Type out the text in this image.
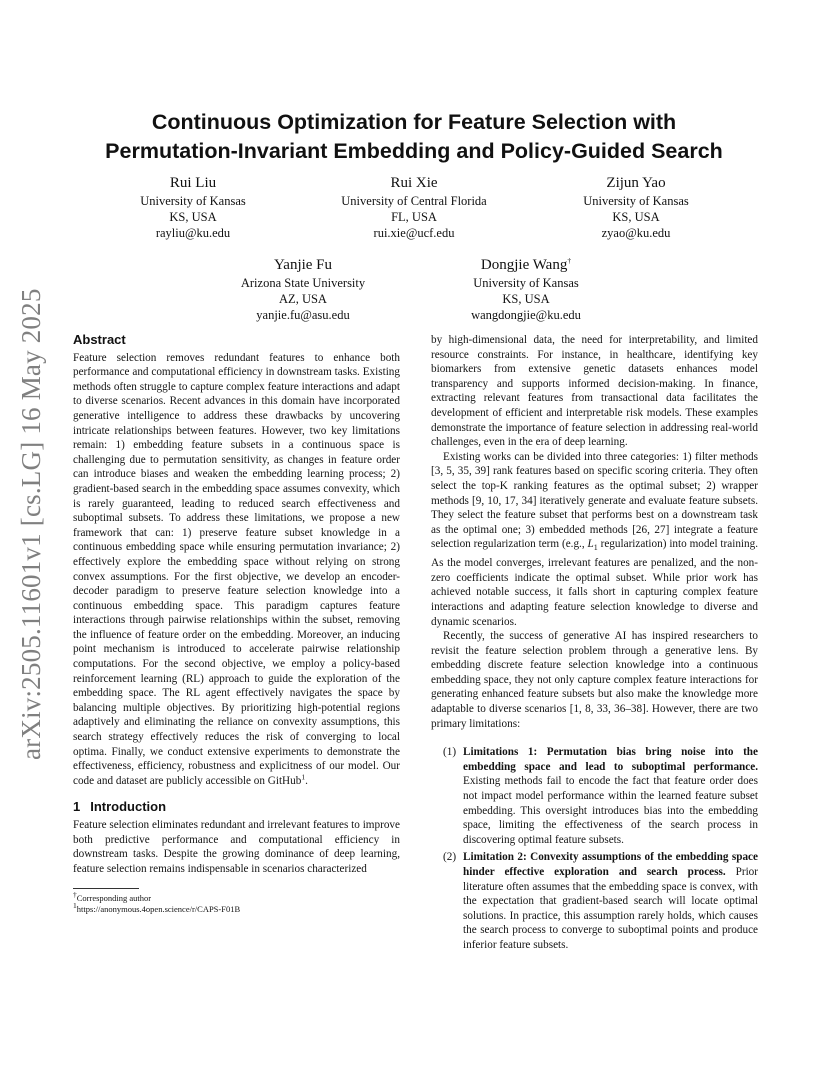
arXiv:2505.11601v1 [cs.LG] 16 May 2025
Continuous Optimization for Feature Selection with
Permutation-Invariant Embedding and Policy-Guided Search
Rui Liu
University of Kansas
KS, USA
rayliu@ku.edu
Rui Xie
University of Central Florida
FL, USA
rui.xie@ucf.edu
Zijun Yao
University of Kansas
KS, USA
zyao@ku.edu
Yanjie Fu
Arizona State University
AZ, USA
yanjie.fu@asu.edu
Dongjie Wang†
University of Kansas
KS, USA
wangdongjie@ku.edu
Abstract

Feature selection removes redundant features to enhance both performance and computational efficiency in downstream tasks. Existing methods often struggle to capture complex feature interactions and adapt to diverse scenarios. Recent advances in this domain have incorporated generative intelligence to address these drawbacks by uncovering intricate relationships between features. However, two key limitations remain: 1) embedding feature subsets in a continuous space is challenging due to permutation sensitivity, as changes in feature order can introduce biases and weaken the embedding learning process; 2) gradient-based search in the embedding space assumes convexity, which is rarely guaranteed, leading to reduced search effectiveness and suboptimal subsets. To address these limitations, we propose a new framework that can: 1) preserve feature subset knowledge in a continuous embedding space while ensuring permutation invariance; 2) effectively explore the embedding space without relying on strong convex assumptions. For the first objective, we develop an encoder-decoder paradigm to preserve feature selection knowledge into a continuous embedding space. This paradigm captures feature interactions through pairwise relationships within the subset, removing the influence of feature order on the embedding. Moreover, an inducing point mechanism is introduced to accelerate pairwise relationship computations. For the second objective, we employ a policy-based reinforcement learning (RL) approach to guide the exploration of the embedding space. The RL agent effectively navigates the space by balancing multiple objectives. By prioritizing high-potential regions adaptively and eliminating the reliance on convexity assumptions, this search strategy effectively reduces the risk of converging to local optima. Finally, we conduct extensive experiments to demonstrate the effectiveness, efficiency, robustness and explicitness of our model. Our code and dataset are publicly accessible on GitHub$^1$.

1 Introduction

Feature selection eliminates redundant and irrelevant features to improve both predictive performance and computational efficiency in downstream tasks. Despite the growing dominance of deep learning, feature selection remains indispensable in scenarios characterized

†Corresponding author
$^1$https://anonymous.4open.science/r/CAPS-F01B

by high-dimensional data, the need for interpretability, and limited resource constraints. For instance, in healthcare, identifying key biomarkers from extensive genetic datasets enhances model transparency and supports informed decision-making. In finance, extracting relevant features from transactional data facilitates the development of efficient and interpretable risk models. These examples demonstrate the importance of feature selection in addressing real-world challenges, even in the era of deep learning.

Existing works can be divided into three categories: 1) filter methods [3, 5, 35, 39] rank features based on specific scoring criteria. They often select the top-K ranking features as the optimal subset; 2) wrapper methods [9, 10, 17, 34] iteratively generate and evaluate feature subsets. They select the feature subset that performs best on a downstream task as the optimal one; 3) embedded methods [26, 27] integrate a feature selection regularization term (e.g., $L_1$ regularization) into model training. As the model converges, irrelevant features are penalized, and the non-zero coefficients indicate the optimal subset. While prior work has achieved notable success, it falls short in capturing complex feature interactions and adapting feature selection knowledge to diverse and dynamic scenarios.

Recently, the success of generative AI has inspired researchers to revisit the feature selection problem through a generative lens. By embedding discrete feature selection knowledge into a continuous embedding space, they not only capture complex feature interactions for generating enhanced feature subsets but also make the knowledge more adaptable to diverse scenarios [1, 8, 33, 36–38]. However, there are two primary limitations:

(1) Limitations 1: Permutation bias bring noise into the embedding space and lead to suboptimal performance. Existing methods fail to encode the fact that feature order does not impact model performance within the learned feature subset embedding. This oversight introduces bias into the embedding space, limiting the effectiveness of the search process in discovering optimal feature subsets.
(2) Limitation 2: Convexity assumptions of the embedding space hinder effective exploration and search process. Prior literature often assumes that the embedding space is convex, with the expectation that gradient-based search will locate optimal solutions. In practice, this assumption rarely holds, which causes the search process to converge to suboptimal points and produce inferior feature subsets.
